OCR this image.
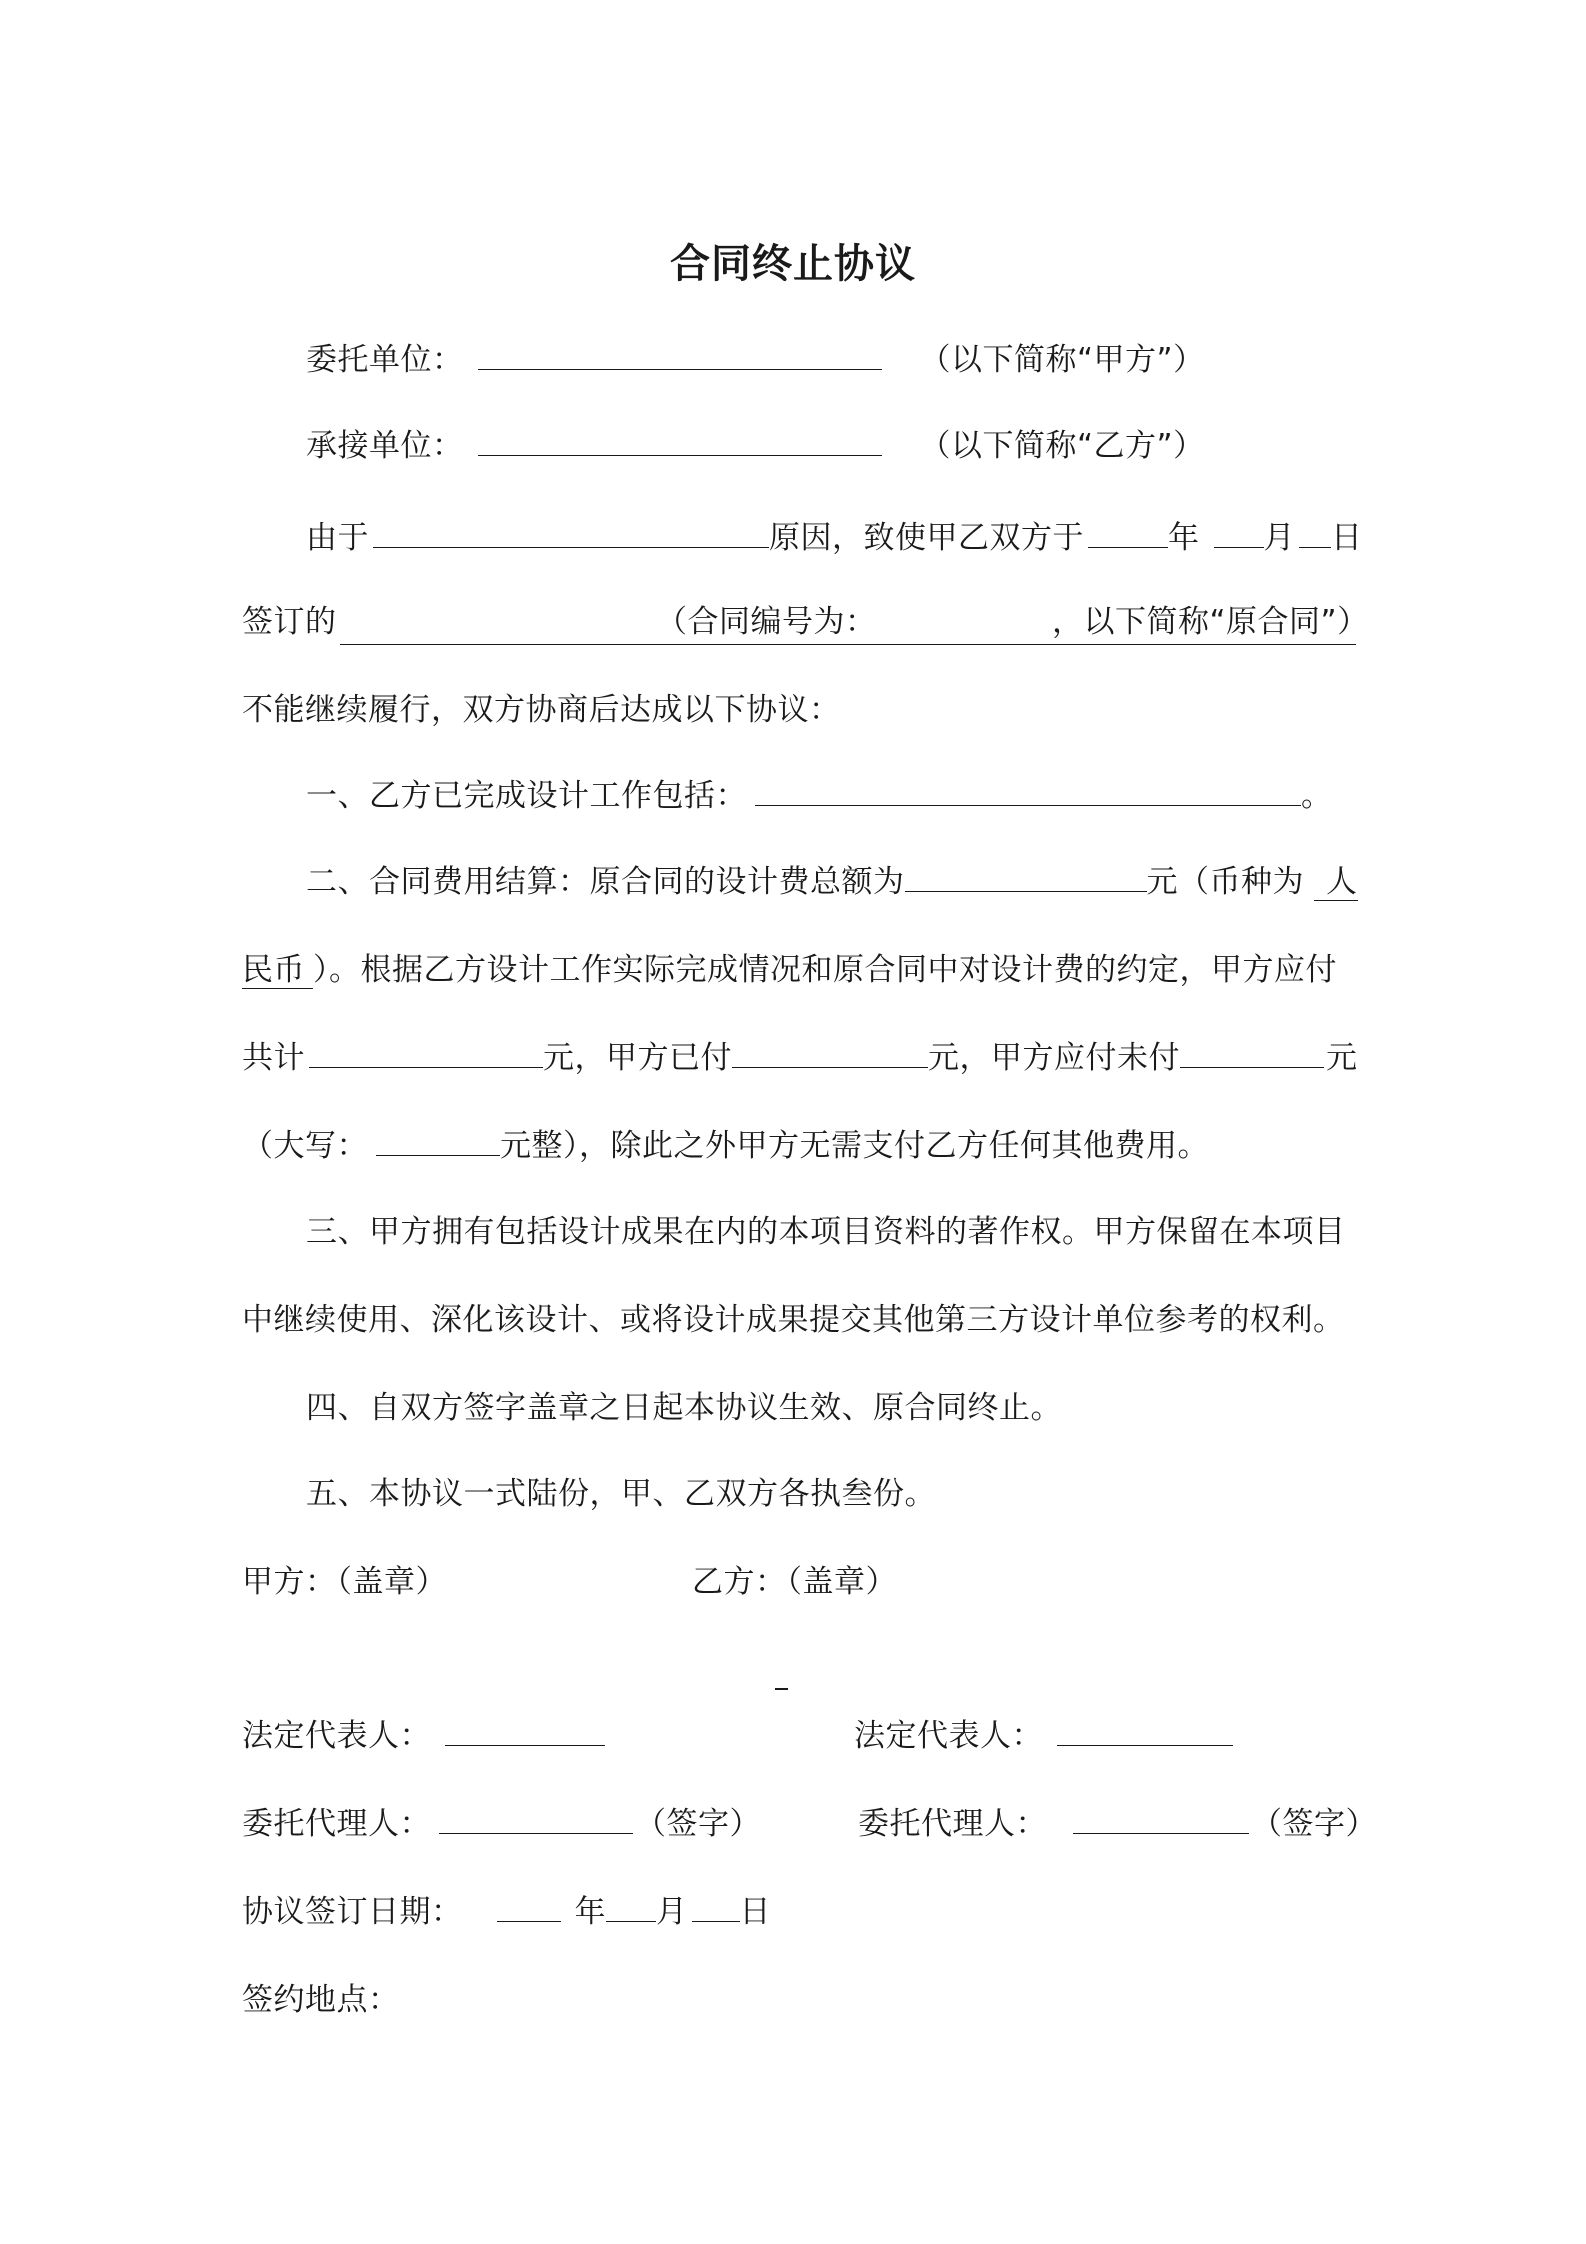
合同终止协议
委托单位：	（以下简称“甲方”）
承接单位：	（以下简称“乙方”）
由于	原因，致使甲乙双方于	年 月 日
签订的	（合同编号为：	，以下简称“原合同”）
不能继续履行，双方协商后达成以下协议：
一、乙方已完成设计工作包括：	。
二、合同费用结算：原合同的设计费总额为	元（币种为 人
民币 ）。根据乙方设计工作实际完成情况和原合同中对设计费的约定，甲方应付
共计	元，甲方已付	元，甲方应付未付	元
（大写：	元整），除此之外甲方无需支付乙方任何其他费用。
三、甲方拥有包括设计成果在内的本项目资料的著作权。甲方保留在本项目
中继续使用、深化该设计、或将设计成果提交其他第三方设计单位参考的权利。
四、自双方签字盖章之日起本协议生效、原合同终止。
五、本协议一式陆份，甲、乙双方各执叁份。
甲方：（盖章）	乙方：（盖章）
法定代表人：	法定代表人：
委托代理人：	（签字）	委托代理人：	（签字）
协议签订日期：	年 月 日
签约地点：
